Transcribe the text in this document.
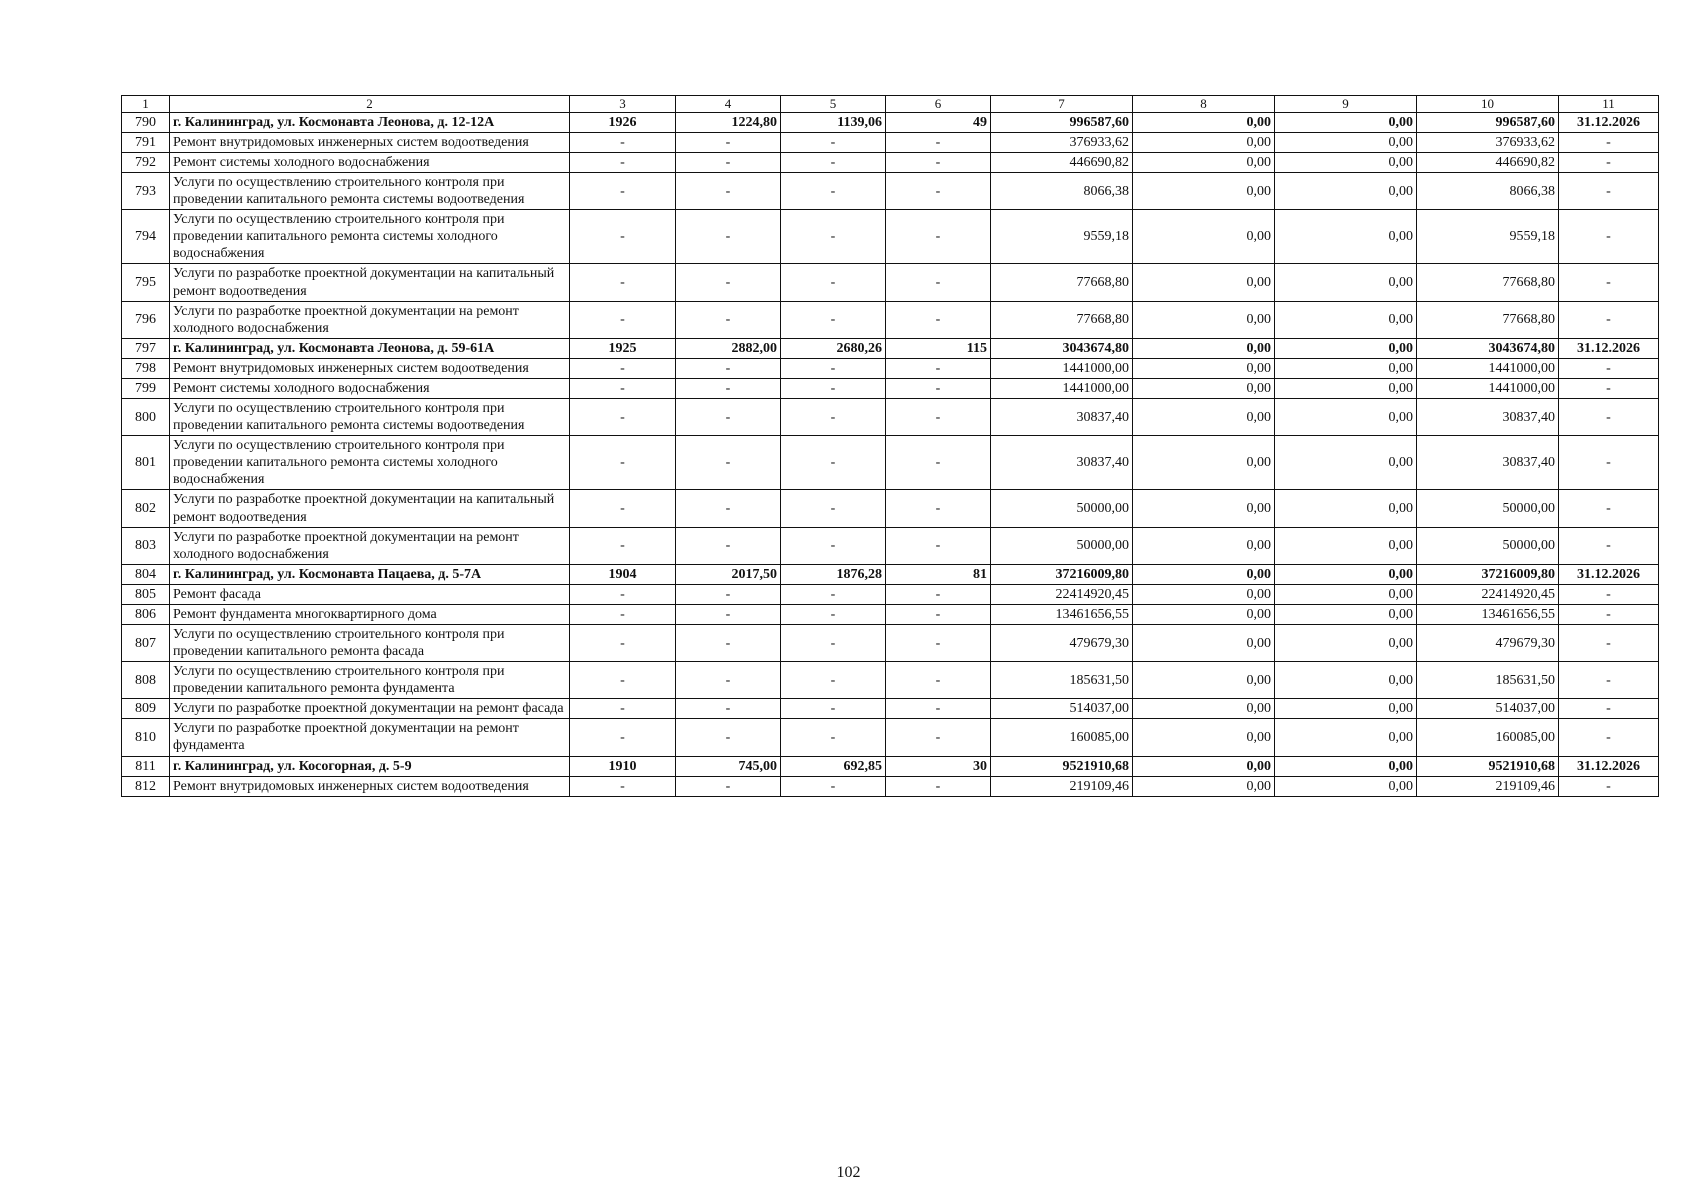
1	2	3	4	5	6	7	8	9	10	11
790	г. Калининград, ул. Космонавта Леонова, д. 12-12А	1926	1224,80	1139,06	49	996587,60	0,00	0,00	996587,60	31.12.2026
791	Ремонт внутридомовых инженерных систем водоотведения	-	-	-	-	376933,62	0,00	0,00	376933,62	-
792	Ремонт системы холодного водоснабжения	-	-	-	-	446690,82	0,00	0,00	446690,82	-
793	Услуги по осуществлению строительного контроля при проведении капитального ремонта системы водоотведения	-	-	-	-	8066,38	0,00	0,00	8066,38	-
794	Услуги по осуществлению строительного контроля при проведении капитального ремонта системы холодного водоснабжения	-	-	-	-	9559,18	0,00	0,00	9559,18	-
795	Услуги по разработке проектной документации на капитальный ремонт водоотведения	-	-	-	-	77668,80	0,00	0,00	77668,80	-
796	Услуги по разработке проектной документации на ремонт холодного водоснабжения	-	-	-	-	77668,80	0,00	0,00	77668,80	-
797	г. Калининград, ул. Космонавта Леонова, д. 59-61А	1925	2882,00	2680,26	115	3043674,80	0,00	0,00	3043674,80	31.12.2026
798	Ремонт внутридомовых инженерных систем водоотведения	-	-	-	-	1441000,00	0,00	0,00	1441000,00	-
799	Ремонт системы холодного водоснабжения	-	-	-	-	1441000,00	0,00	0,00	1441000,00	-
800	Услуги по осуществлению строительного контроля при проведении капитального ремонта системы водоотведения	-	-	-	-	30837,40	0,00	0,00	30837,40	-
801	Услуги по осуществлению строительного контроля при проведении капитального ремонта системы холодного водоснабжения	-	-	-	-	30837,40	0,00	0,00	30837,40	-
802	Услуги по разработке проектной документации на капитальный ремонт водоотведения	-	-	-	-	50000,00	0,00	0,00	50000,00	-
803	Услуги по разработке проектной документации на ремонт холодного водоснабжения	-	-	-	-	50000,00	0,00	0,00	50000,00	-
804	г. Калининград, ул. Космонавта Пацаева, д. 5-7А	1904	2017,50	1876,28	81	37216009,80	0,00	0,00	37216009,80	31.12.2026
805	Ремонт фасада	-	-	-	-	22414920,45	0,00	0,00	22414920,45	-
806	Ремонт фундамента многоквартирного дома	-	-	-	-	13461656,55	0,00	0,00	13461656,55	-
807	Услуги по осуществлению строительного контроля при проведении капитального ремонта фасада	-	-	-	-	479679,30	0,00	0,00	479679,30	-
808	Услуги по осуществлению строительного контроля при проведении капитального ремонта фундамента	-	-	-	-	185631,50	0,00	0,00	185631,50	-
809	Услуги по разработке проектной документации на ремонт фасада	-	-	-	-	514037,00	0,00	0,00	514037,00	-
810	Услуги по разработке проектной документации на ремонт фундамента	-	-	-	-	160085,00	0,00	0,00	160085,00	-
811	г. Калининград, ул. Косогорная, д. 5-9	1910	745,00	692,85	30	9521910,68	0,00	0,00	9521910,68	31.12.2026
812	Ремонт внутридомовых инженерных систем водоотведения	-	-	-	-	219109,46	0,00	0,00	219109,46	-
102
